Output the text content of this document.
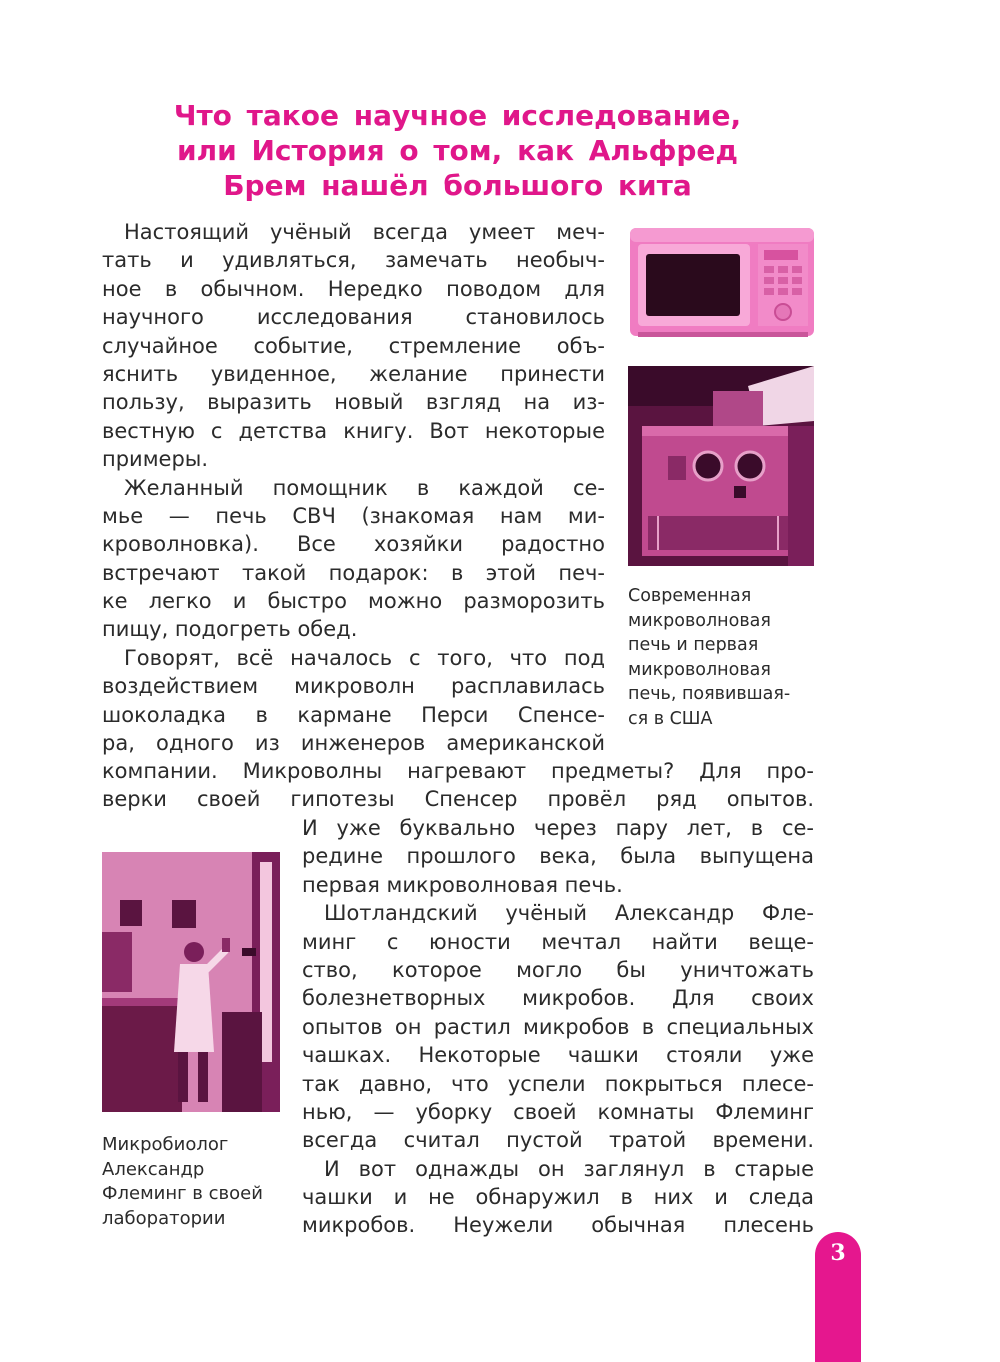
Что такое научное исследование,
или История о том, как Альфред
Брем нашёл большого кита
Настоящий учёный всегда умеет меч-
тать и удивляться, замечать необыч-
ное в обычном. Нередко поводом для
научного исследования становилось
случайное событие, стремление объ-
яснить увиденное, желание принести
пользу, выразить новый взгляд на из-
вестную с детства книгу. Вот некоторые
примеры.
Желанный помощник в каждой се-
мье — печь СВЧ (знакомая нам ми-
кроволновка). Все хозяйки радостно
встречают такой подарок: в этой печ-
ке легко и быстро можно разморозить
пищу, подогреть обед.
Говорят, всё началось с того, что под
воздействием микроволн расплавилась
шоколадка в кармане Перси Спенсе-
ра, одного из инженеров американской
компании. Микроволны нагревают предметы? Для про-
верки своей гипотезы Спенсер провёл ряд опытов.
И уже буквально через пару лет, в се-
редине прошлого века, была выпущена
первая микроволновая печь.
Шотландский учёный Александр Фле-
минг с юности мечтал найти веще-
ство, которое могло бы уничтожать
болезнетворных микробов. Для своих
опытов он растил микробов в специальных
чашках. Некоторые чашки стояли уже
так давно, что успели покрыться плесе-
нью, — уборку своей комнаты Флеминг
всегда считал пустой тратой времени.
И вот однажды он заглянул в старые
чашки и не обнаружил в них и следа
микробов. Неужели обычная плесень
Современная
микроволновая
печь и первая
микроволновая
печь, появившая-
ся в США
Микробиолог
Александр
Флеминг в своей
лаборатории
3
